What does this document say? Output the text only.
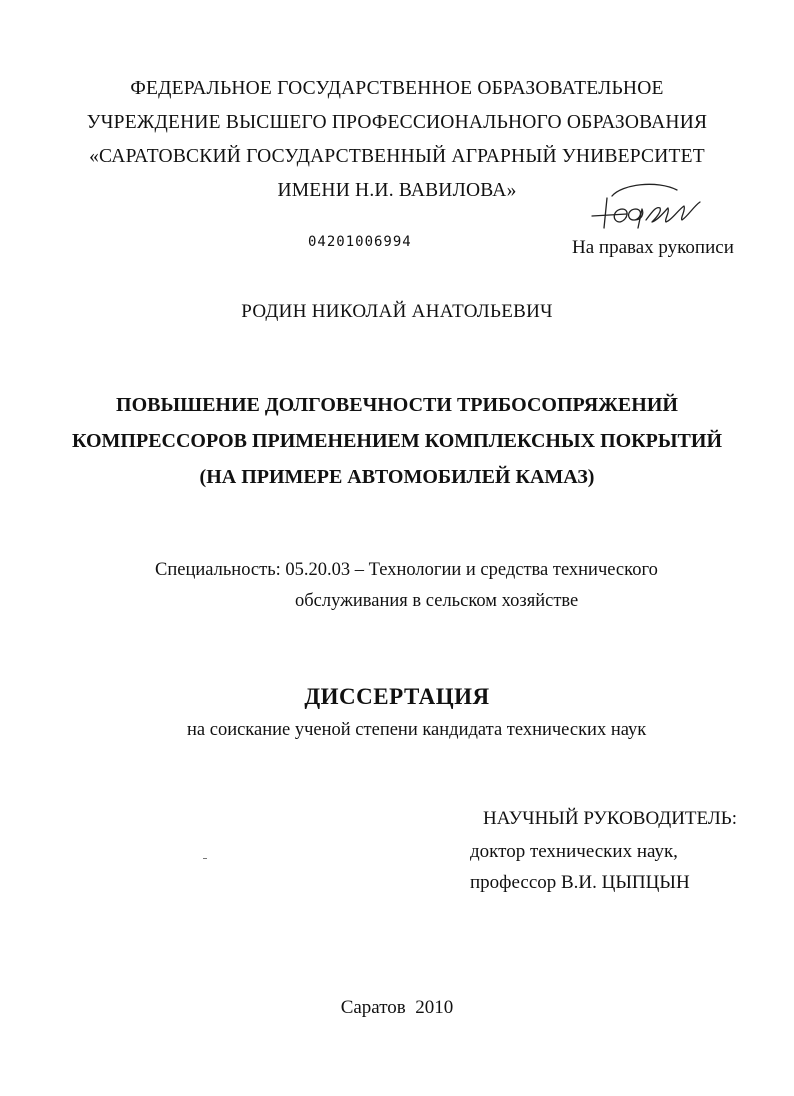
ФЕДЕРАЛЬНОЕ ГОСУДАРСТВЕННОЕ ОБРАЗОВАТЕЛЬНОЕ
УЧРЕЖДЕНИЕ ВЫСШЕГО ПРОФЕССИОНАЛЬНОГО ОБРАЗОВАНИЯ
«САРАТОВСКИЙ ГОСУДАРСТВЕННЫЙ АГРАРНЫЙ УНИВЕРСИТЕТ
ИМЕНИ Н.И. ВАВИЛОВА»
04201006994	На правах рукописи
РОДИН НИКОЛАЙ АНАТОЛЬЕВИЧ
ПОВЫШЕНИЕ ДОЛГОВЕЧНОСТИ ТРИБОСОПРЯЖЕНИЙ
КОМПРЕССОРОВ ПРИМЕНЕНИЕМ КОМПЛЕКСНЫХ ПОКРЫТИЙ
(НА ПРИМЕРЕ АВТОМОБИЛЕЙ КАМАЗ)
Специальность: 05.20.03 – Технологии и средства технического
обслуживания в сельском хозяйстве
ДИССЕРТАЦИЯ
на соискание ученой степени кандидата технических наук
НАУЧНЫЙ РУКОВОДИТЕЛЬ:
доктор технических наук,
профессор В.И. ЦЫПЦЫН
Саратов  2010
